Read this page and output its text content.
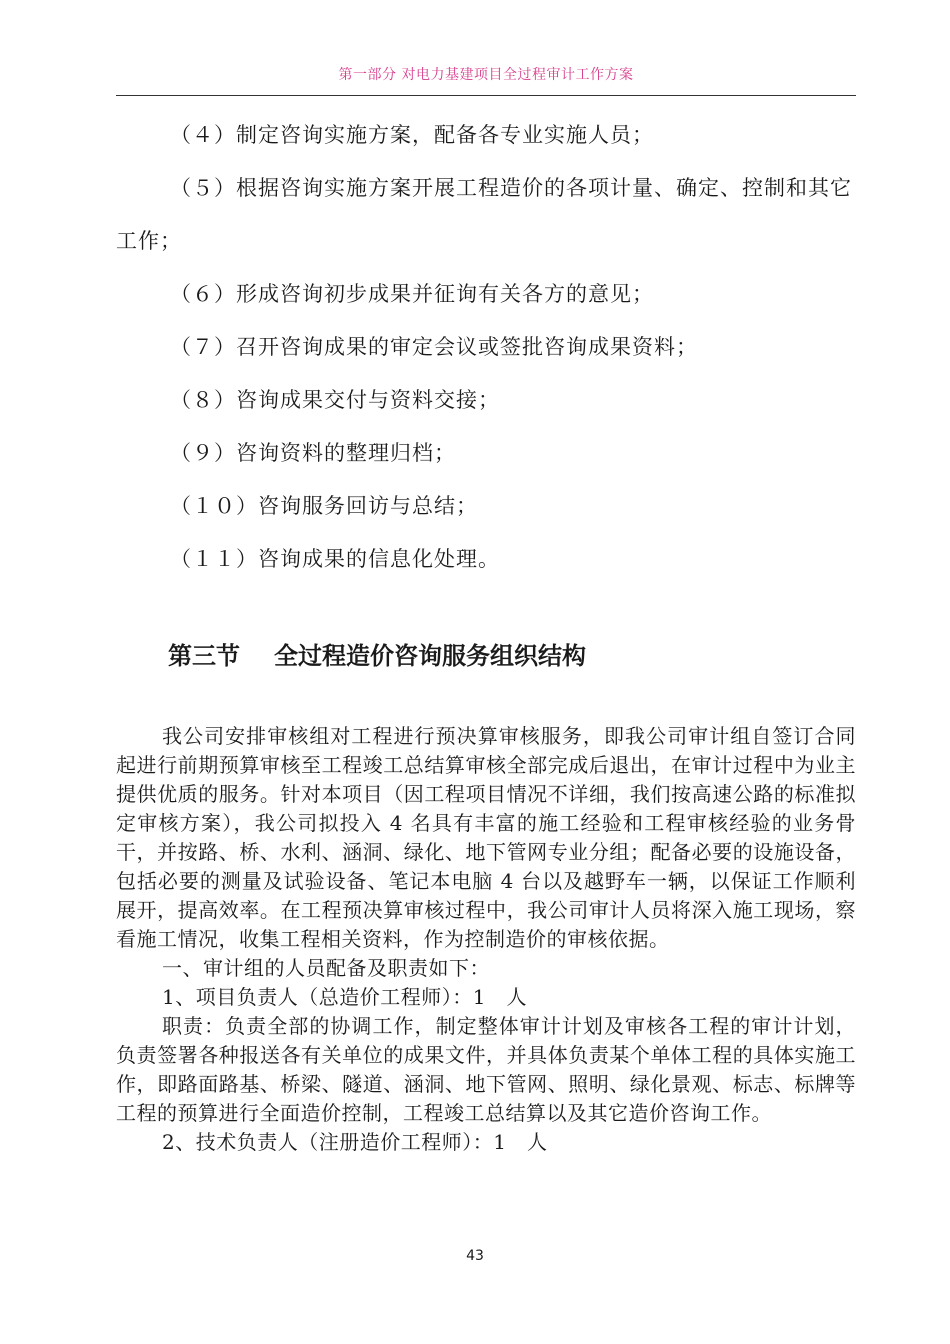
第一部分 对电力基建项目全过程审计工作方案
（４）制定咨询实施方案，配备各专业实施人员；
（５）根据咨询实施方案开展工程造价的各项计量、确定、控制和其它
工作；
（６）形成咨询初步成果并征询有关各方的意见；
（７）召开咨询成果的审定会议或签批咨询成果资料；
（８）咨询成果交付与资料交接；
（９）咨询资料的整理归档；
（１０）咨询服务回访与总结；
（１１）咨询成果的信息化处理。
第三节 全过程造价咨询服务组织结构

我公司安排审核组对工程进行预决算审核服务，即我公司审计组自签订合同起进行前期预算审核至工程竣工总结算审核全部完成后退出，在审计过程中为业主提供优质的服务。针对本项目（因工程项目情况不详细，我们按高速公路的标准拟定审核方案），我公司拟投入 4 名具有丰富的施工经验和工程审核经验的业务骨干，并按路、桥、水利、涵洞、绿化、地下管网专业分组；配备必要的设施设备，包括必要的测量及试验设备、笔记本电脑 4 台以及越野车一辆，以保证工作顺利展开，提高效率。在工程预决算审核过程中，我公司审计人员将深入施工现场，察看施工情况，收集工程相关资料，作为控制造价的审核依据。

一、审计组的人员配备及职责如下：

1、项目负责人（总造价工程师）：1　人

职责：负责全部的协调工作，制定整体审计计划及审核各工程的审计计划，负责签署各种报送各有关单位的成果文件，并具体负责某个单体工程的具体实施工作，即路面路基、桥梁、隧道、涵洞、地下管网、照明、绿化景观、标志、标牌等工程的预算进行全面造价控制，工程竣工总结算以及其它造价咨询工作。

2、技术负责人（注册造价工程师）：1　人

43
